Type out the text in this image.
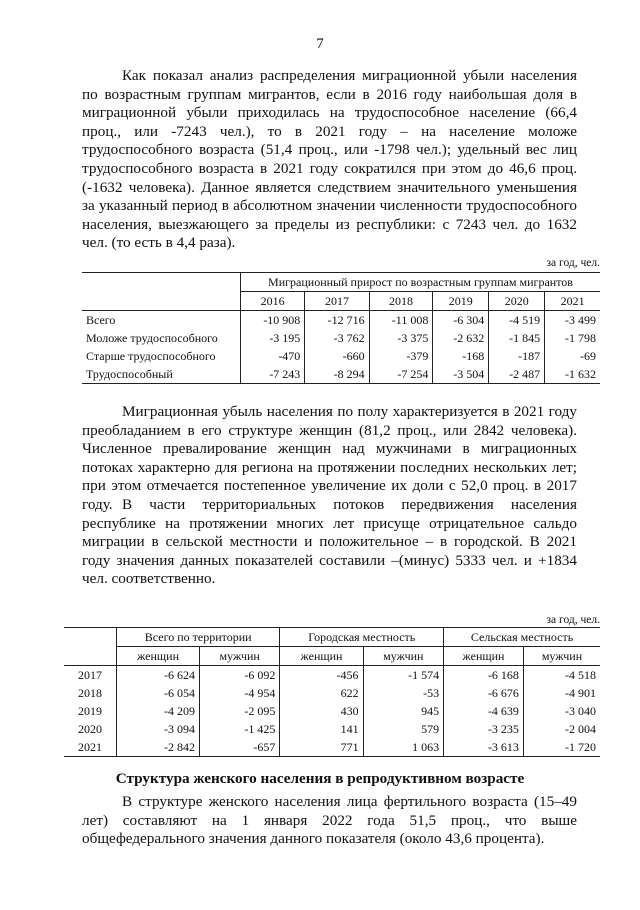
7

Как показал анализ распределения миграционной убыли населения по возрастным группам мигрантов, если в 2016 году наибольшая доля в миграционной убыли приходилась на трудоспособное население (66,4 проц., или -7243 чел.), то в 2021 году – на население моложе трудоспособного возраста (51,4 проц., или -1798 чел.); удельный вес лиц трудоспособного возраста в 2021 году сократился при этом до 46,6 проц. (-1632 человека). Данное является следствием значительного уменьшения за указанный период в абсолютном значении численности трудоспособного населения, выезжающего за пределы из республики: с 7243 чел. до 1632 чел. (то есть в 4,4 раза).

за год, чел.
	Миграционный прирост по возрастным группам мигрантов					
	2016	2017	2018	2019	2020	2021
Всего	-10 908	-12 716	-11 008	-6 304	-4 519	-3 499
Моложе трудоспособного	-3 195	-3 762	-3 375	-2 632	-1 845	-1 798
Старше трудоспособного	-470	-660	-379	-168	-187	-69
Трудоспособный	-7 243	-8 294	-7 254	-3 504	-2 487	-1 632

Миграционная убыль населения по полу характеризуется в 2021 году преобладанием в его структуре женщин (81,2 проц., или 2842 человека). Численное превалирование женщин над мужчинами в миграционных потоках характерно для региона на протяжении последних нескольких лет; при этом отмечается постепенное увеличение их доли с 52,0 проц. в 2017 году. В части территориальных потоков передвижения населения республике на протяжении многих лет присуще отрицательное сальдо миграции в сельской местности и положительное – в городской. В 2021 году значения данных показателей составили –(минус) 5333 чел. и +1834 чел. соответственно.

за год, чел.
	Всего по территории		Городская местность		Сельская местность	
	женщин	мужчин	женщин	мужчин	женщин	мужчин
2017	-6 624	-6 092	-456	-1 574	-6 168	-4 518
2018	-6 054	-4 954	622	-53	-6 676	-4 901
2019	-4 209	-2 095	430	945	-4 639	-3 040
2020	-3 094	-1 425	141	579	-3 235	-2 004
2021	-2 842	-657	771	1 063	-3 613	-1 720
Структура женского населения в репродуктивном возрасте

В структуре женского населения лица фертильного возраста (15–49 лет) составляют на 1 января 2022 года 51,5 проц., что выше общефедерального значения данного показателя (около 43,6 процента).
